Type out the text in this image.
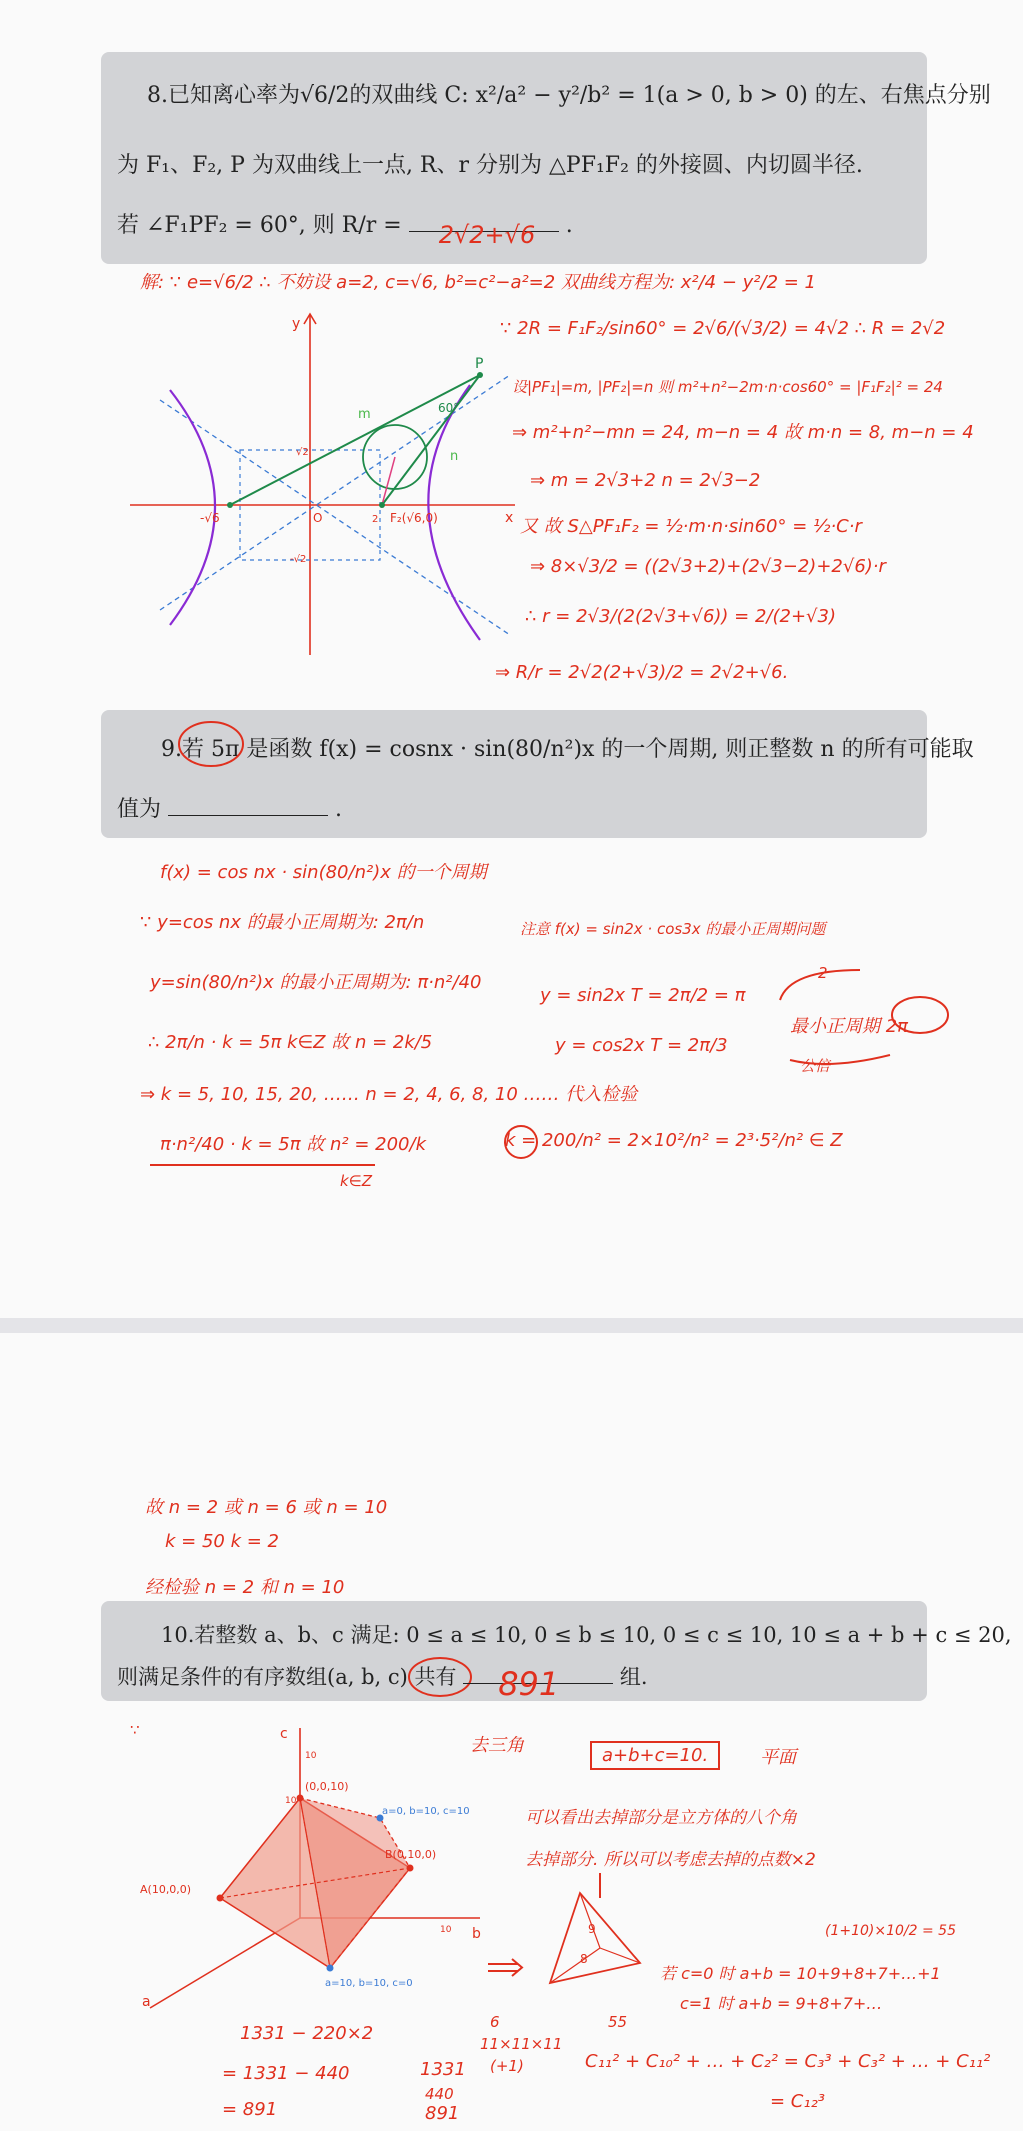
8.已知离心率为√6/2的双曲线 C: x²/a² − y²/b² = 1(a > 0, b > 0) 的左、右焦点分别
为 F₁、F₂, P 为双曲线上一点, R、r 分别为 △PF₁F₂ 的外接圆、内切圆半径.
若 ∠F₁PF₂ = 60°, 则 R/r = 2√2+√6 .
解: ∵ e=√6/2 ∴ 不妨设 a=2, c=√6, b²=c²−a²=2 双曲线方程为: x²/4 − y²/2 = 1
∵ 2R = F₁F₂/sin60° = 2√6/(√3/2) = 4√2 ∴ R = 2√2
设|PF₁|=m, |PF₂|=n 则 m²+n²−2m·n·cos60° = |F₁F₂|² = 24
⇒ m²+n²−mn = 24, m−n = 4 故 m·n = 8, m−n = 4
⇒ m = 2√3+2 n = 2√3−2
又 故 S△PF₁F₂ = ½·m·n·sin60° = ½·C·r
⇒ 8×√3/2 = ((2√3+2)+(2√3−2)+2√6)·r
∴ r = 2√3/(2(2√3+√6)) = 2/(2+√3)
⇒ R/r = 2√2(2+√3)/2 = 2√2+√6.
y
x
O
-√6	F₂(√6,0)
P
m
n
60°
√2
-√2
2
9.若 5π 是函数 f(x) = cosnx · sin(80/n²)x 的一个周期, 则正整数 n 的所有可能取
值为	.
f(x) = cos nx · sin(80/n²)x 的一个周期
∵ y=cos nx 的最小正周期为: 2π/n
y=sin(80/n²)x 的最小正周期为: π·n²/40
∴ 2π/n · k = 5π k∈Z 故 n = 2k/5
⇒ k = 5, 10, 15, 20, …… n = 2, 4, 6, 8, 10 …… 代入检验
π·n²/40 · k = 5π 故 n² = 200/k
k∈Z
k = 200/n² = 2×10²/n² = 2³·5²/n² ∈ Z
注意 f(x) = sin2x · cos3x 的最小正周期问题
y = sin2x T = 2π/2 = π
y = cos2x T = 2π/3
最小正周期 2π
2
公倍
故 n = 2 或 n = 6 或 n = 10
k = 50 k = 2
经检验 n = 2 和 n = 10
10.若整数 a、b、c 满足: 0 ≤ a ≤ 10, 0 ≤ b ≤ 10, 0 ≤ c ≤ 10, 10 ≤ a + b + c ≤ 20,
则满足条件的有序数组(a, b, c) 共有 891	组.
c
b
a
(0,0,10)
B(0,10,0)
A(10,0,0)
a=0, b=10, c=10
a=10, b=10, c=0
10
10
10
∵
去三角	a+b+c=10.	平面
可以看出去掉部分是立方体的八个角
去掉部分. 所以可以考虑去掉的点数×2
9
8
若 c=0 时 a+b = 10+9+8+7+…+1
c=1 时 a+b = 9+8+7+…
(1+10)×10/2 = 55
1331 − 220×2
= 1331 − 440
= 891
1331
440
891
6
11×11×11
(+1)
55
C₁₁² + C₁₀² + … + C₂² = C₃³ + C₃² + … + C₁₁²
= C₁₂³
